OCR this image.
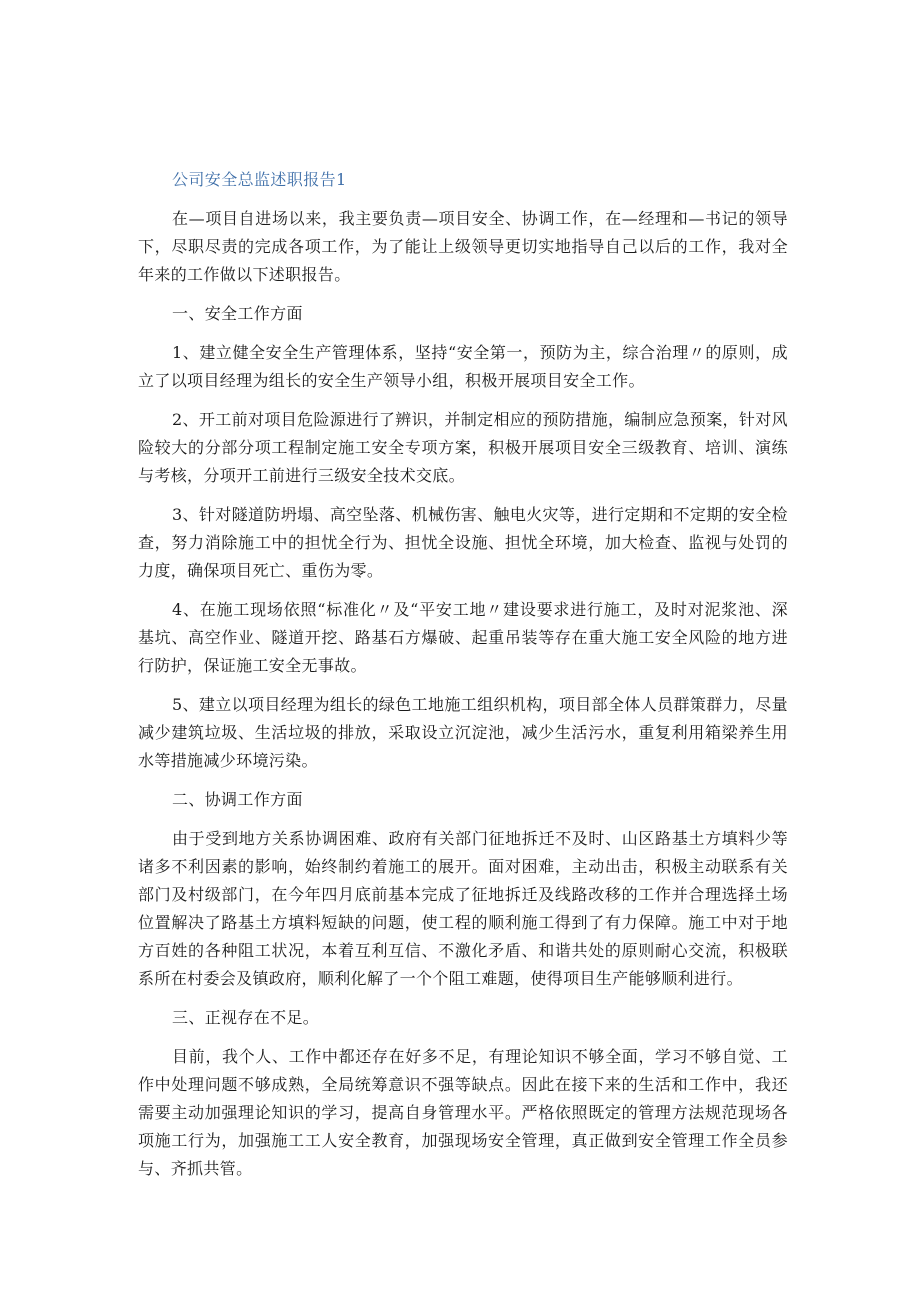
公司安全总监述职报告1

在—项目自进场以来，我主要负责—项目安全、协调工作，在—经理和—书记的领导下，尽职尽责的完成各项工作，为了能让上级领导更切实地指导自己以后的工作，我对全年来的工作做以下述职报告。

一、安全工作方面

1、建立健全安全生产管理体系，坚持“安全第一，预防为主，综合治理〃的原则，成立了以项目经理为组长的安全生产领导小组，积极开展项目安全工作。

2、开工前对项目危险源进行了辨识，并制定相应的预防措施，编制应急预案，针对风险较大的分部分项工程制定施工安全专项方案，积极开展项目安全三级教育、培训、演练与考核，分项开工前进行三级安全技术交底。

3、针对隧道防坍塌、高空坠落、机械伤害、触电火灾等，进行定期和不定期的安全检查，努力消除施工中的担忧全行为、担忧全设施、担忧全环境，加大检查、监视与处罚的力度，确保项目死亡、重伤为零。

4、在施工现场依照“标准化〃及“平安工地〃建设要求进行施工，及时对泥浆池、深基坑、高空作业、隧道开挖、路基石方爆破、起重吊装等存在重大施工安全风险的地方进行防护，保证施工安全无事故。

5、建立以项目经理为组长的绿色工地施工组织机构，项目部全体人员群策群力，尽量减少建筑垃圾、生活垃圾的排放，采取设立沉淀池，减少生活污水，重复利用箱梁养生用水等措施减少环境污染。

二、协调工作方面

由于受到地方关系协调困难、政府有关部门征地拆迁不及时、山区路基土方填料少等诸多不利因素的影响，始终制约着施工的展开。面对困难，主动出击，积极主动联系有关部门及村级部门，在今年四月底前基本完成了征地拆迁及线路改移的工作并合理选择土场位置解决了路基土方填料短缺的问题，使工程的顺利施工得到了有力保障。施工中对于地方百姓的各种阻工状况，本着互利互信、不激化矛盾、和谐共处的原则耐心交流，积极联系所在村委会及镇政府，顺利化解了一个个阻工难题，使得项目生产能够顺利进行。

三、正视存在不足。

目前，我个人、工作中都还存在好多不足，有理论知识不够全面，学习不够自觉、工作中处理问题不够成熟，全局统筹意识不强等缺点。因此在接下来的生活和工作中，我还需要主动加强理论知识的学习，提高自身管理水平。严格依照既定的管理方法规范现场各项施工行为，加强施工工人安全教育，加强现场安全管理，真正做到安全管理工作全员参与、齐抓共管。
